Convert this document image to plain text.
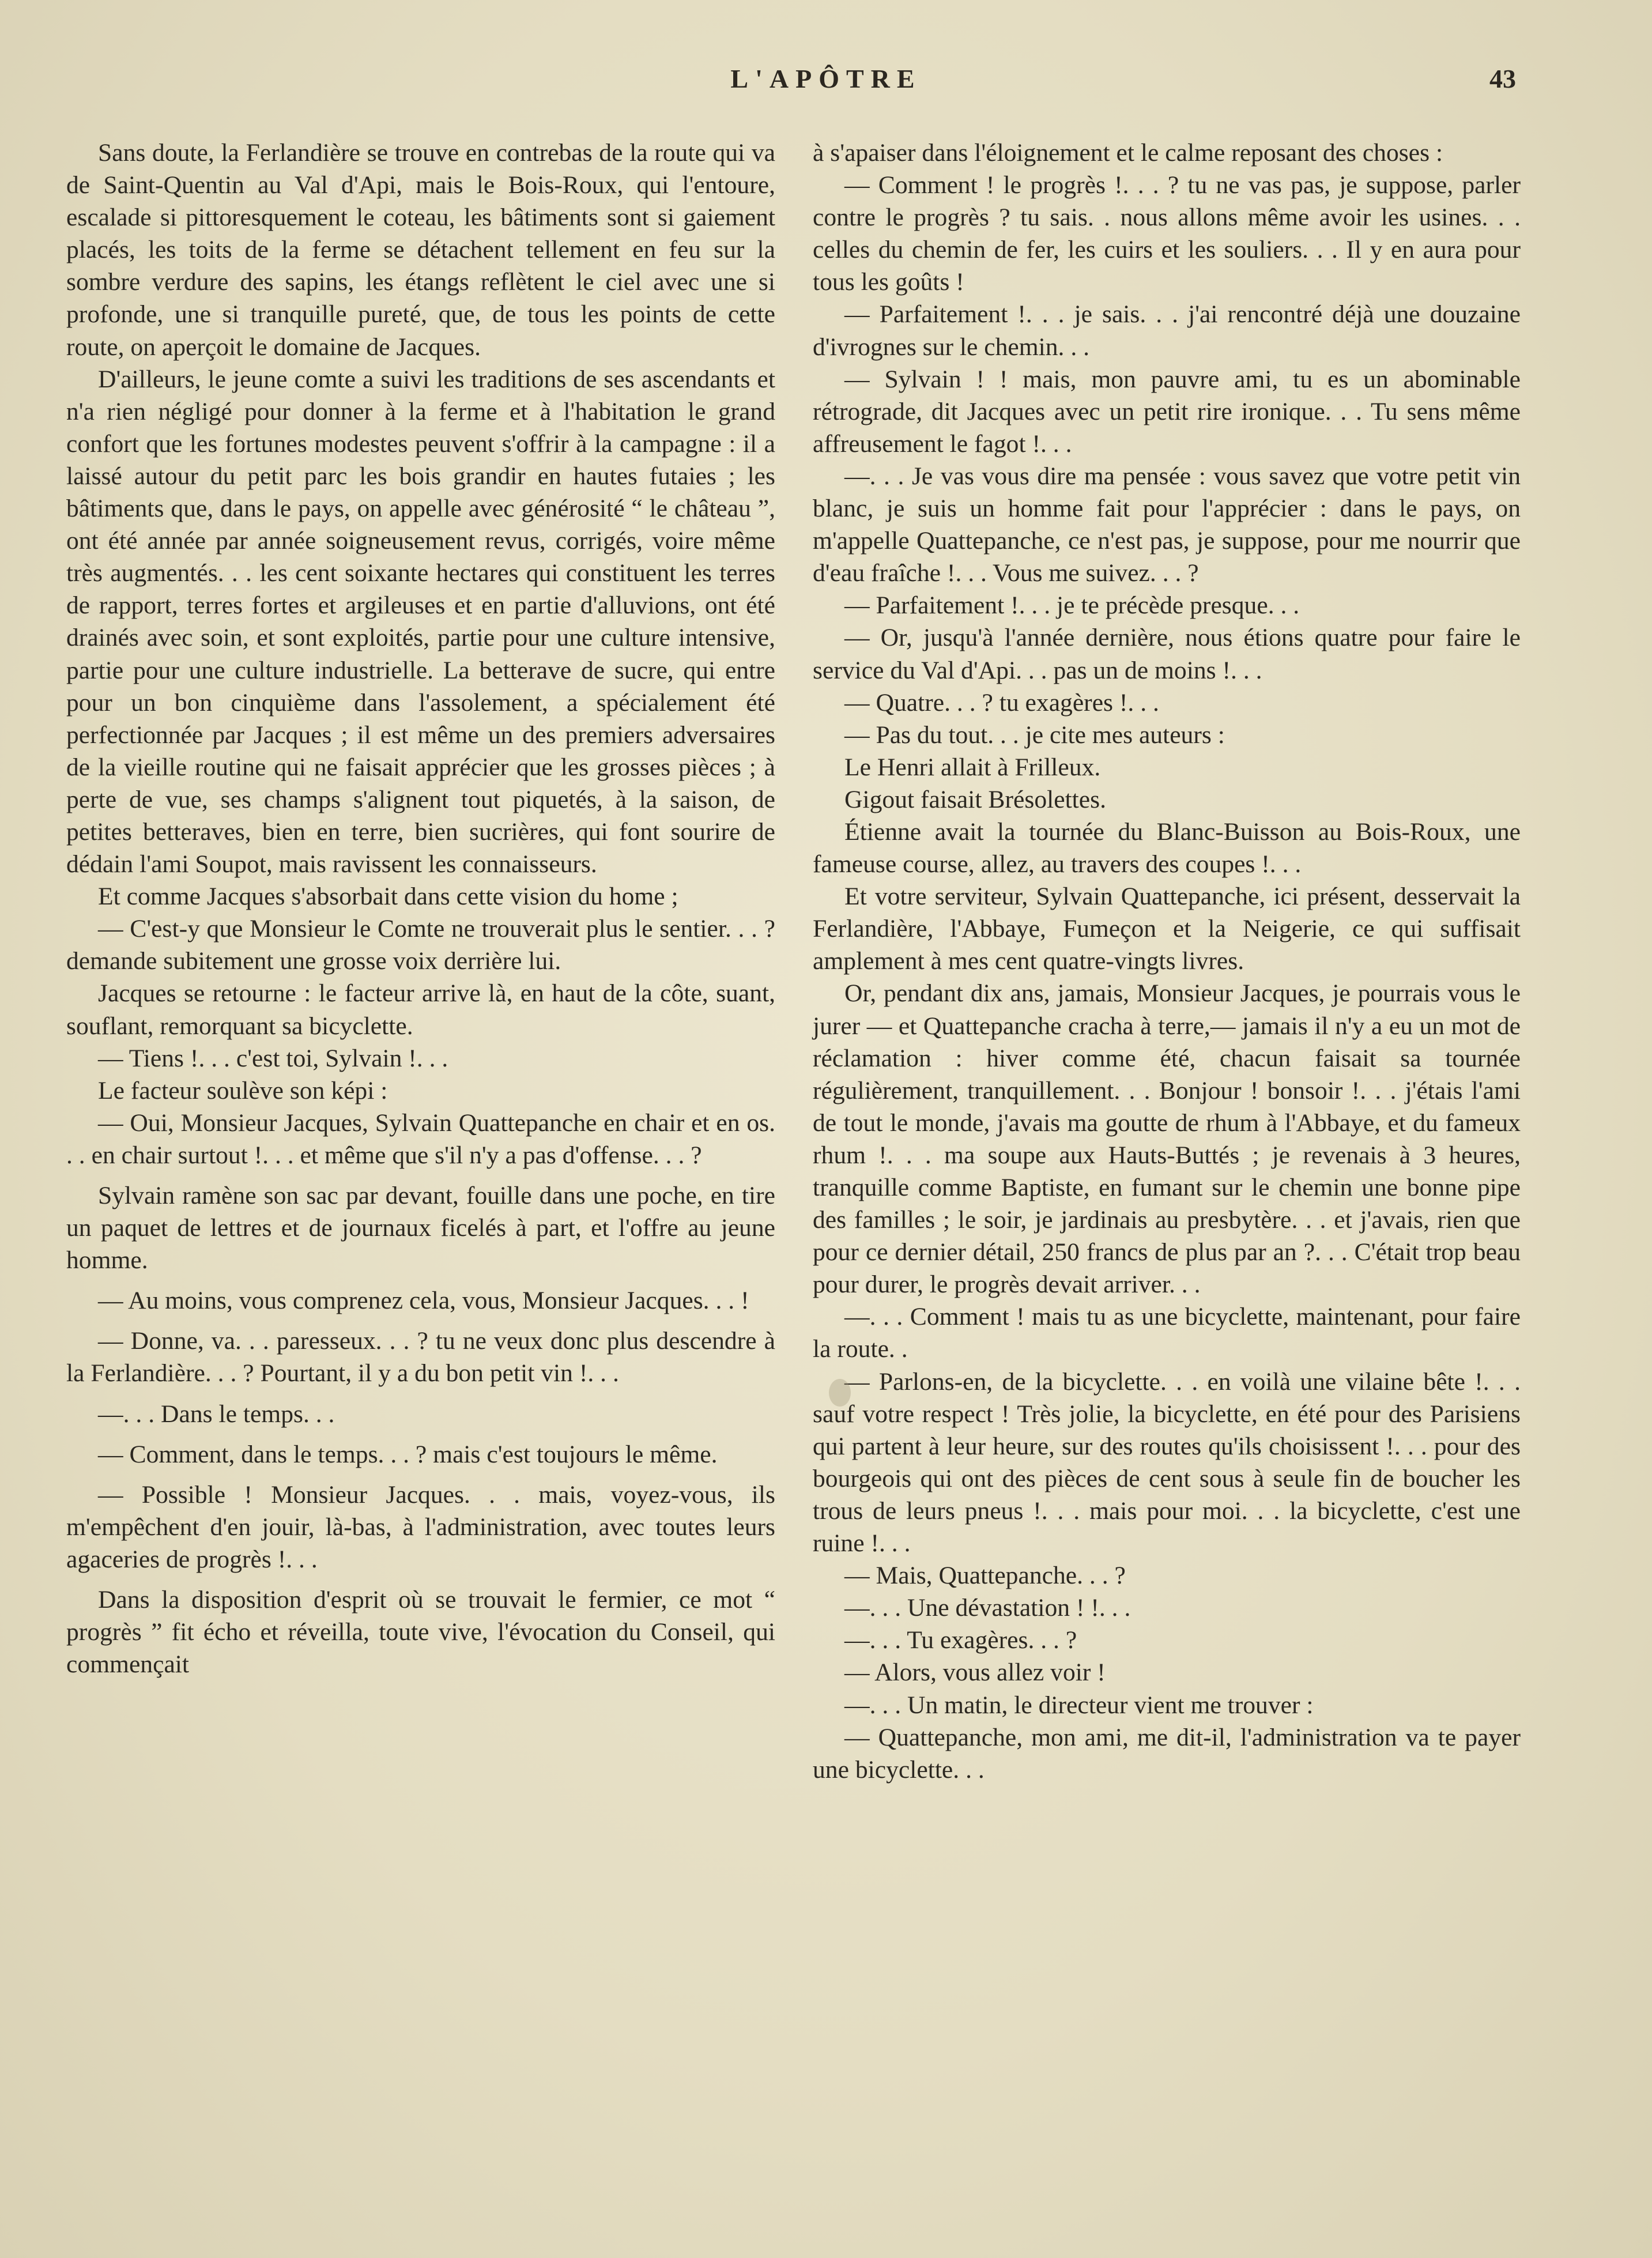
L'APÔTRE	43

Sans doute, la Ferlandière se trouve en contrebas de la route qui va de Saint-Quentin au Val d'Api, mais le Bois-Roux, qui l'entoure, escalade si pittoresquement le coteau, les bâtiments sont si gaiement placés, les toits de la ferme se détachent tellement en feu sur la sombre verdure des sapins, les étangs reflètent le ciel avec une si profonde, une si tranquille pureté, que, de tous les points de cette route, on aperçoit le domaine de Jacques.

D'ailleurs, le jeune comte a suivi les traditions de ses ascendants et n'a rien négligé pour donner à la ferme et à l'habitation le grand confort que les fortunes modestes peuvent s'offrir à la campagne : il a laissé autour du petit parc les bois grandir en hautes futaies ; les bâtiments que, dans le pays, on appelle avec générosité “ le château ”, ont été année par année soigneusement revus, corrigés, voire même très augmentés. . . les cent soixante hectares qui constituent les terres de rapport, terres fortes et argileuses et en partie d'alluvions, ont été drainés avec soin, et sont exploités, partie pour une culture intensive, partie pour une culture industrielle. La betterave de sucre, qui entre pour un bon cinquième dans l'assolement, a spécialement été perfectionnée par Jacques ; il est même un des premiers adversaires de la vieille routine qui ne faisait apprécier que les grosses pièces ; à perte de vue, ses champs s'alignent tout piquetés, à la saison, de petites betteraves, bien en terre, bien sucrières, qui font sourire de dédain l'ami Soupot, mais ravissent les connaisseurs.

Et comme Jacques s'absorbait dans cette vision du home ;

— C'est-y que Monsieur le Comte ne trouverait plus le sentier. . . ? demande subitement une grosse voix derrière lui.

Jacques se retourne : le facteur arrive là, en haut de la côte, suant, souflant, remorquant sa bicyclette.

— Tiens !. . . c'est toi, Sylvain !. . .

Le facteur soulève son képi :

— Oui, Monsieur Jacques, Sylvain Quattepanche en chair et en os. . . en chair surtout !. . . et même que s'il n'y a pas d'offense. . . ?

Sylvain ramène son sac par devant, fouille dans une poche, en tire un paquet de lettres et de journaux ficelés à part, et l'offre au jeune homme.

— Au moins, vous comprenez cela, vous, Monsieur Jacques. . . !

— Donne, va. . . paresseux. . . ? tu ne veux donc plus descendre à la Ferlandière. . . ? Pourtant, il y a du bon petit vin !. . .

—. . . Dans le temps. . .

— Comment, dans le temps. . . ? mais c'est toujours le même.

— Possible ! Monsieur Jacques. . . mais, voyez-vous, ils m'empêchent d'en jouir, là-bas, à l'administration, avec toutes leurs agaceries de progrès !. . .

Dans la disposition d'esprit où se trouvait le fermier, ce mot “ progrès ” fit écho et réveilla, toute vive, l'évocation du Conseil, qui commençait

à s'apaiser dans l'éloignement et le calme reposant des choses :

— Comment ! le progrès !. . . ? tu ne vas pas, je suppose, parler contre le progrès ? tu sais. . nous allons même avoir les usines. . . celles du chemin de fer, les cuirs et les souliers. . . Il y en aura pour tous les goûts !

— Parfaitement !. . . je sais. . . j'ai rencontré déjà une douzaine d'ivrognes sur le chemin. . .

— Sylvain ! ! mais, mon pauvre ami, tu es un abominable rétrograde, dit Jacques avec un petit rire ironique. . . Tu sens même affreusement le fagot !. . .

—. . . Je vas vous dire ma pensée : vous savez que votre petit vin blanc, je suis un homme fait pour l'apprécier : dans le pays, on m'appelle Quattepanche, ce n'est pas, je suppose, pour me nourrir que d'eau fraîche !. . . Vous me suivez. . . ?

— Parfaitement !. . . je te précède presque. . .

— Or, jusqu'à l'année dernière, nous étions quatre pour faire le service du Val d'Api. . . pas un de moins !. . .

— Quatre. . . ? tu exagères !. . .

— Pas du tout. . . je cite mes auteurs :

Le Henri allait à Frilleux.

Gigout faisait Brésolettes.

Étienne avait la tournée du Blanc-Buisson au Bois-Roux, une fameuse course, allez, au travers des coupes !. . .

Et votre serviteur, Sylvain Quattepanche, ici présent, desservait la Ferlandière, l'Abbaye, Fumeçon et la Neigerie, ce qui suffisait amplement à mes cent quatre-vingts livres.

Or, pendant dix ans, jamais, Monsieur Jacques, je pourrais vous le jurer — et Quattepanche cracha à terre,— jamais il n'y a eu un mot de réclamation : hiver comme été, chacun faisait sa tournée régulièrement, tranquillement. . . Bonjour ! bonsoir !. . . j'étais l'ami de tout le monde, j'avais ma goutte de rhum à l'Abbaye, et du fameux rhum !. . . ma soupe aux Hauts-Buttés ; je revenais à 3 heures, tranquille comme Baptiste, en fumant sur le chemin une bonne pipe des familles ; le soir, je jardinais au presbytère. . . et j'avais, rien que pour ce dernier détail, 250 francs de plus par an ?. . . C'était trop beau pour durer, le progrès devait arriver. . .

—. . . Comment ! mais tu as une bicyclette, maintenant, pour faire la route. .

— Parlons-en, de la bicyclette. . . en voilà une vilaine bête !. . . sauf votre respect ! Très jolie, la bicyclette, en été pour des Parisiens qui partent à leur heure, sur des routes qu'ils choisissent !. . . pour des bourgeois qui ont des pièces de cent sous à seule fin de boucher les trous de leurs pneus !. . . mais pour moi. . . la bicyclette, c'est une ruine !. . .

— Mais, Quattepanche. . . ?

—. . . Une dévastation ! !. . .

—. . . Tu exagères. . . ?

— Alors, vous allez voir !

—. . . Un matin, le directeur vient me trouver :

— Quattepanche, mon ami, me dit-il, l'administration va te payer une bicyclette. . .
